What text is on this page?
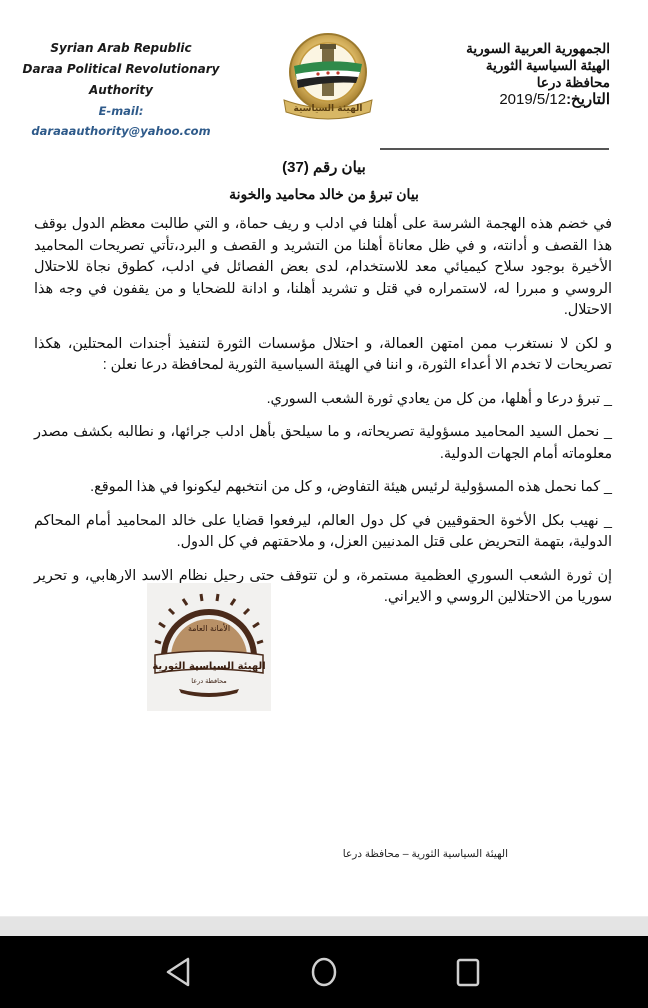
Syrian Arab Republic
Daraa Political Revolutionary
Authority
E-mail: daraaauthority@yahoo.com
الهيئة السياسية
الجمهورية العربية السورية
الهيئة السياسية الثورية
محافظة درعا
التاريخ:2019/5/12
بيان رقم (37)
بيان تبرؤ من خالد محاميد والخونة

في خضم هذه الهجمة الشرسة على أهلنا في ادلب و ريف حماة، و التي طالبت معظم الدول بوقف هذا القصف و أدانته، و في ظل معاناة أهلنا من التشريد و القصف و البرد،تأتي تصريحات المحاميد الأخيرة بوجود سلاح كيميائي معد للاستخدام، لدى بعض الفصائل في ادلب، كطوق نجاة للاحتلال الروسي و مبررا له، لاستمراره في قتل و تشريد أهلنا، و ادانة للضحايا و من يقفون في وجه هذا الاحتلال.

و لكن لا نستغرب ممن امتهن العمالة، و احتلال مؤسسات الثورة لتنفيذ أجندات المحتلين، هكذا تصريحات لا تخدم الا أعداء الثورة، و اننا في الهيئة السياسية الثورية لمحافظة درعا نعلن :

_ تبرؤ درعا و أهلها، من كل من يعادي ثورة الشعب السوري.

_ نحمل السيد المحاميد مسؤولية تصريحاته، و ما سيلحق بأهل ادلب جرائها، و نطالبه بكشف مصدر معلوماته أمام الجهات الدولية.

_ كما نحمل هذه المسؤولية لرئيس هيئة التفاوض، و كل من انتخبهم ليكونوا في هذا الموقع.

_ نهيب بكل الأخوة الحقوقيين في كل دول العالم، ليرفعوا قضايا على خالد المحاميد أمام المحاكم الدولية، بتهمة التحريض على قتل المدنيين العزل، و ملاحقتهم في كل الدول.

إن ثورة الشعب السوري العظمية مستمرة، و لن تتوقف حتى رحيل نظام الاسد الارهابي، و تحرير سوريا من الاحتلالين الروسي و الايراني.

الأمانة العامة
الهيئة السياسية الثورية
محافظة درعا
الهيئة السياسية الثورية – محافظة درعا
